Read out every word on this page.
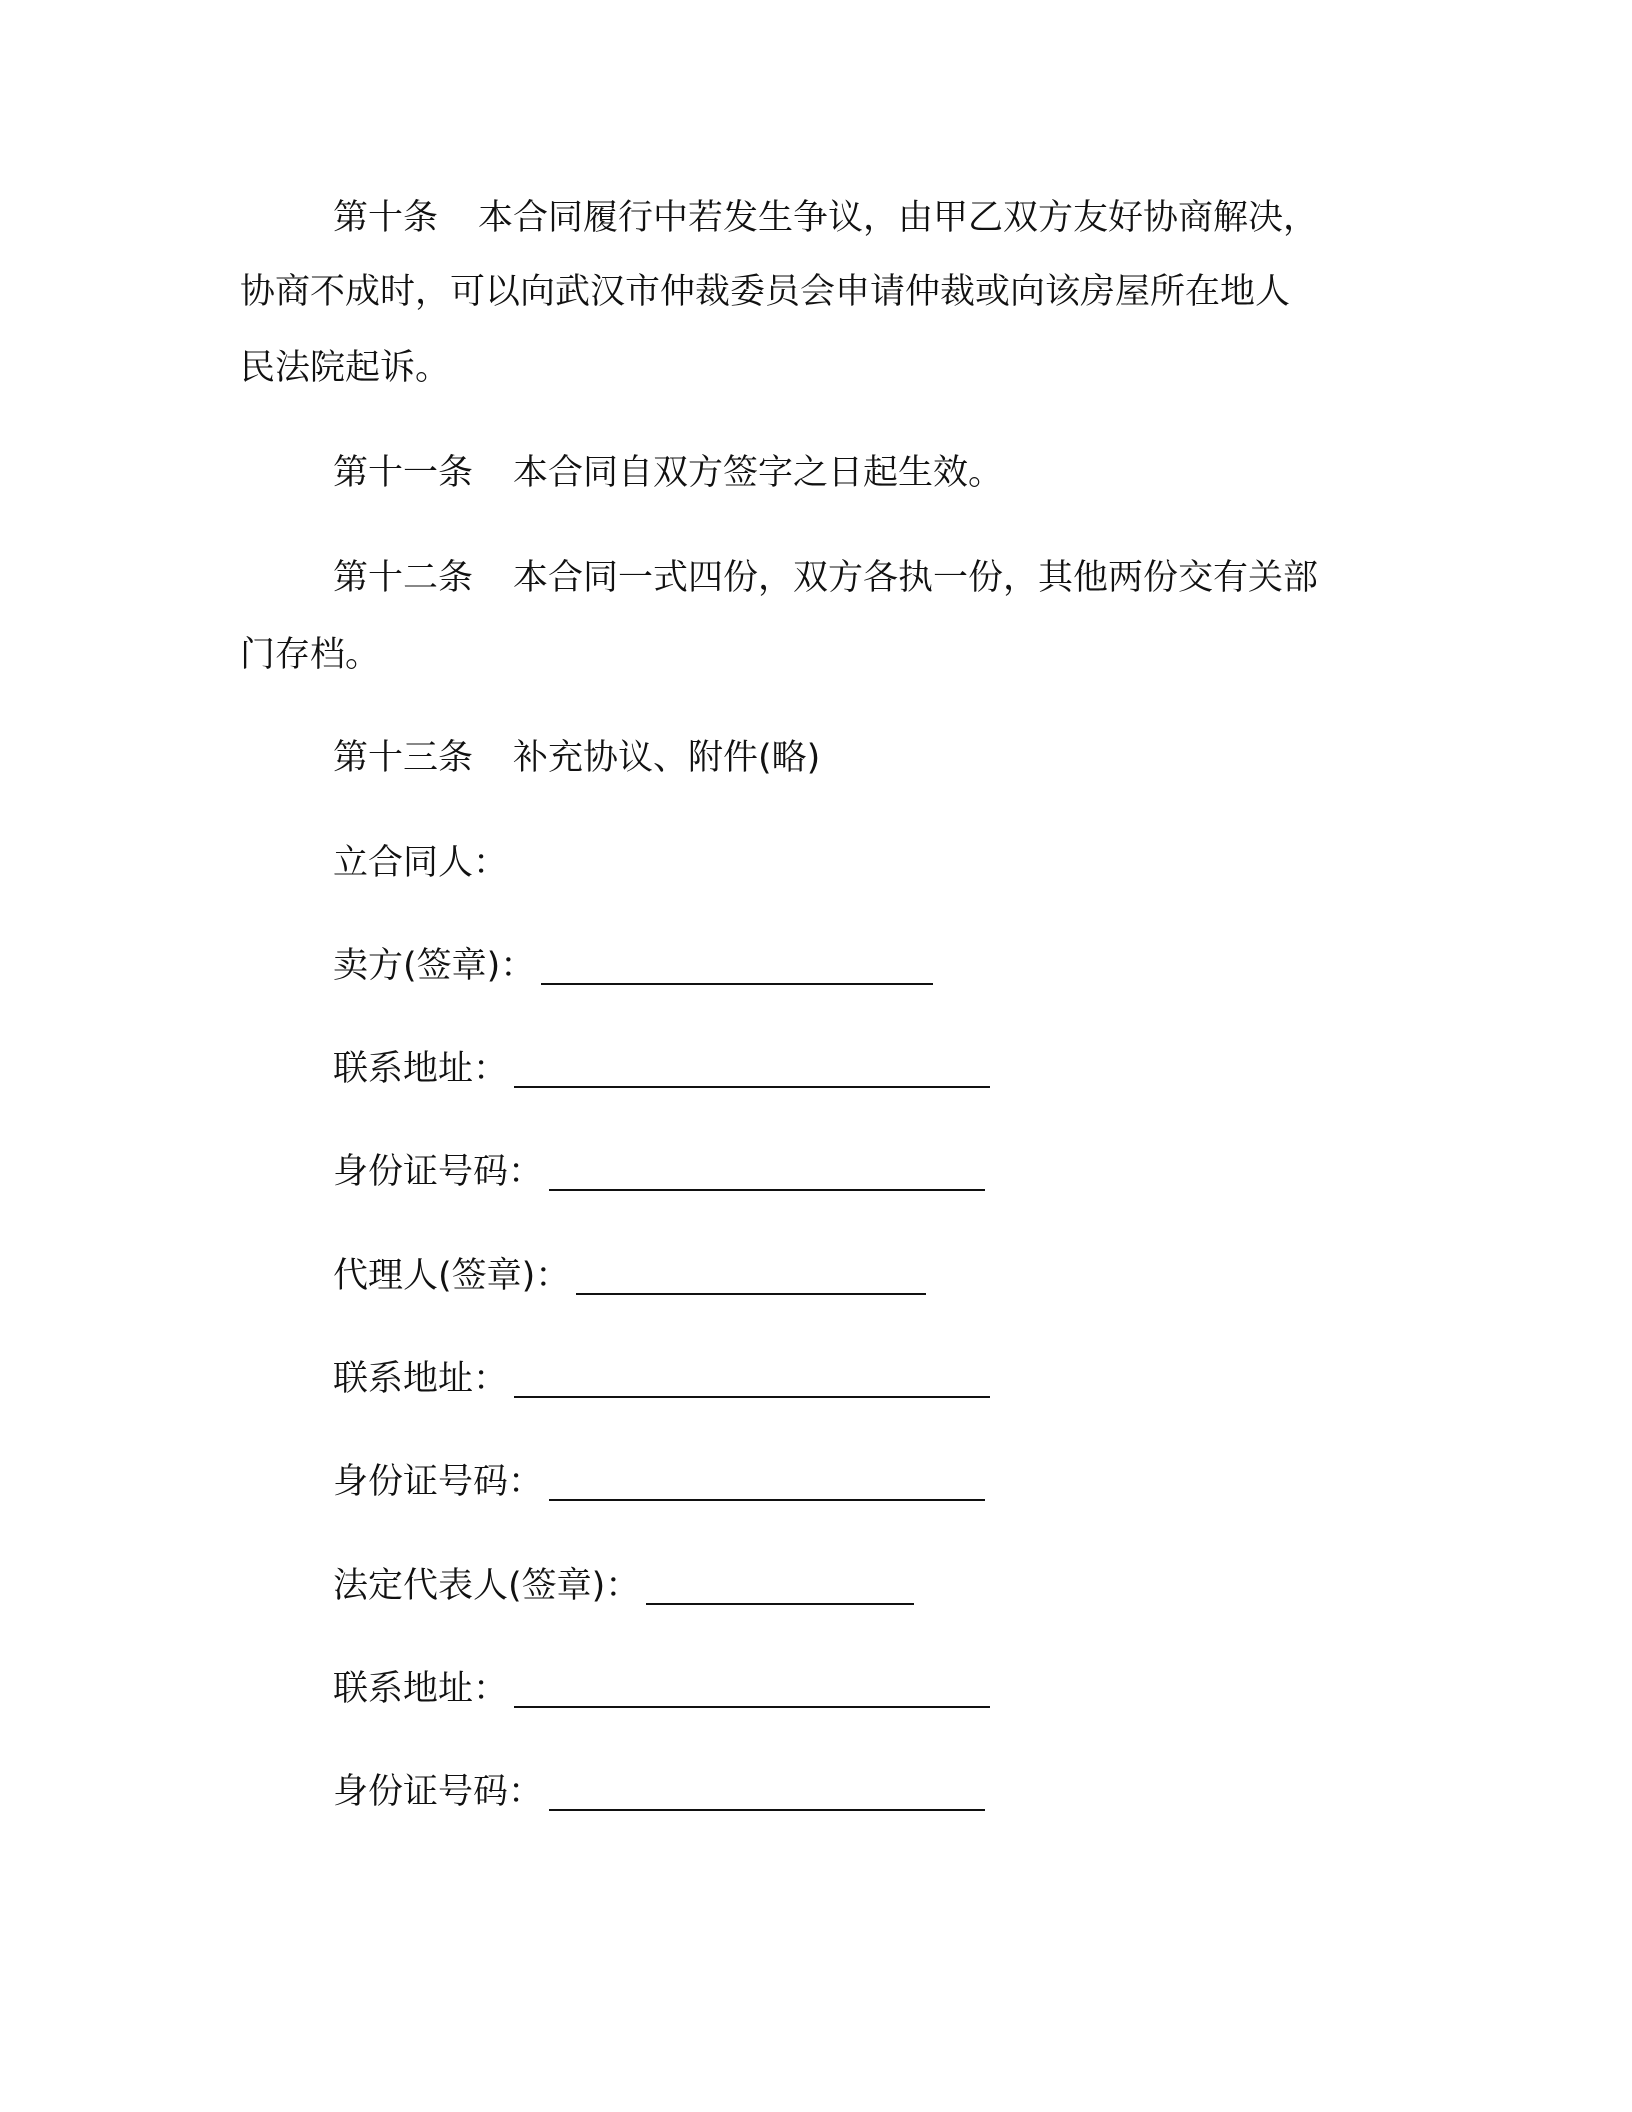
第十条 本合同履行中若发生争议，由甲乙双方友好协商解决，
协商不成时，可以向武汉市仲裁委员会申请仲裁或向该房屋所在地人
民法院起诉。
第十一条 本合同自双方签字之日起生效。
第十二条 本合同一式四份，双方各执一份，其他两份交有关部
门存档。
第十三条 补充协议、附件(略)
立合同人：
卖方(签章)：
联系地址：
身份证号码：
代理人(签章)：
联系地址：
身份证号码：
法定代表人(签章)：
联系地址：
身份证号码：
